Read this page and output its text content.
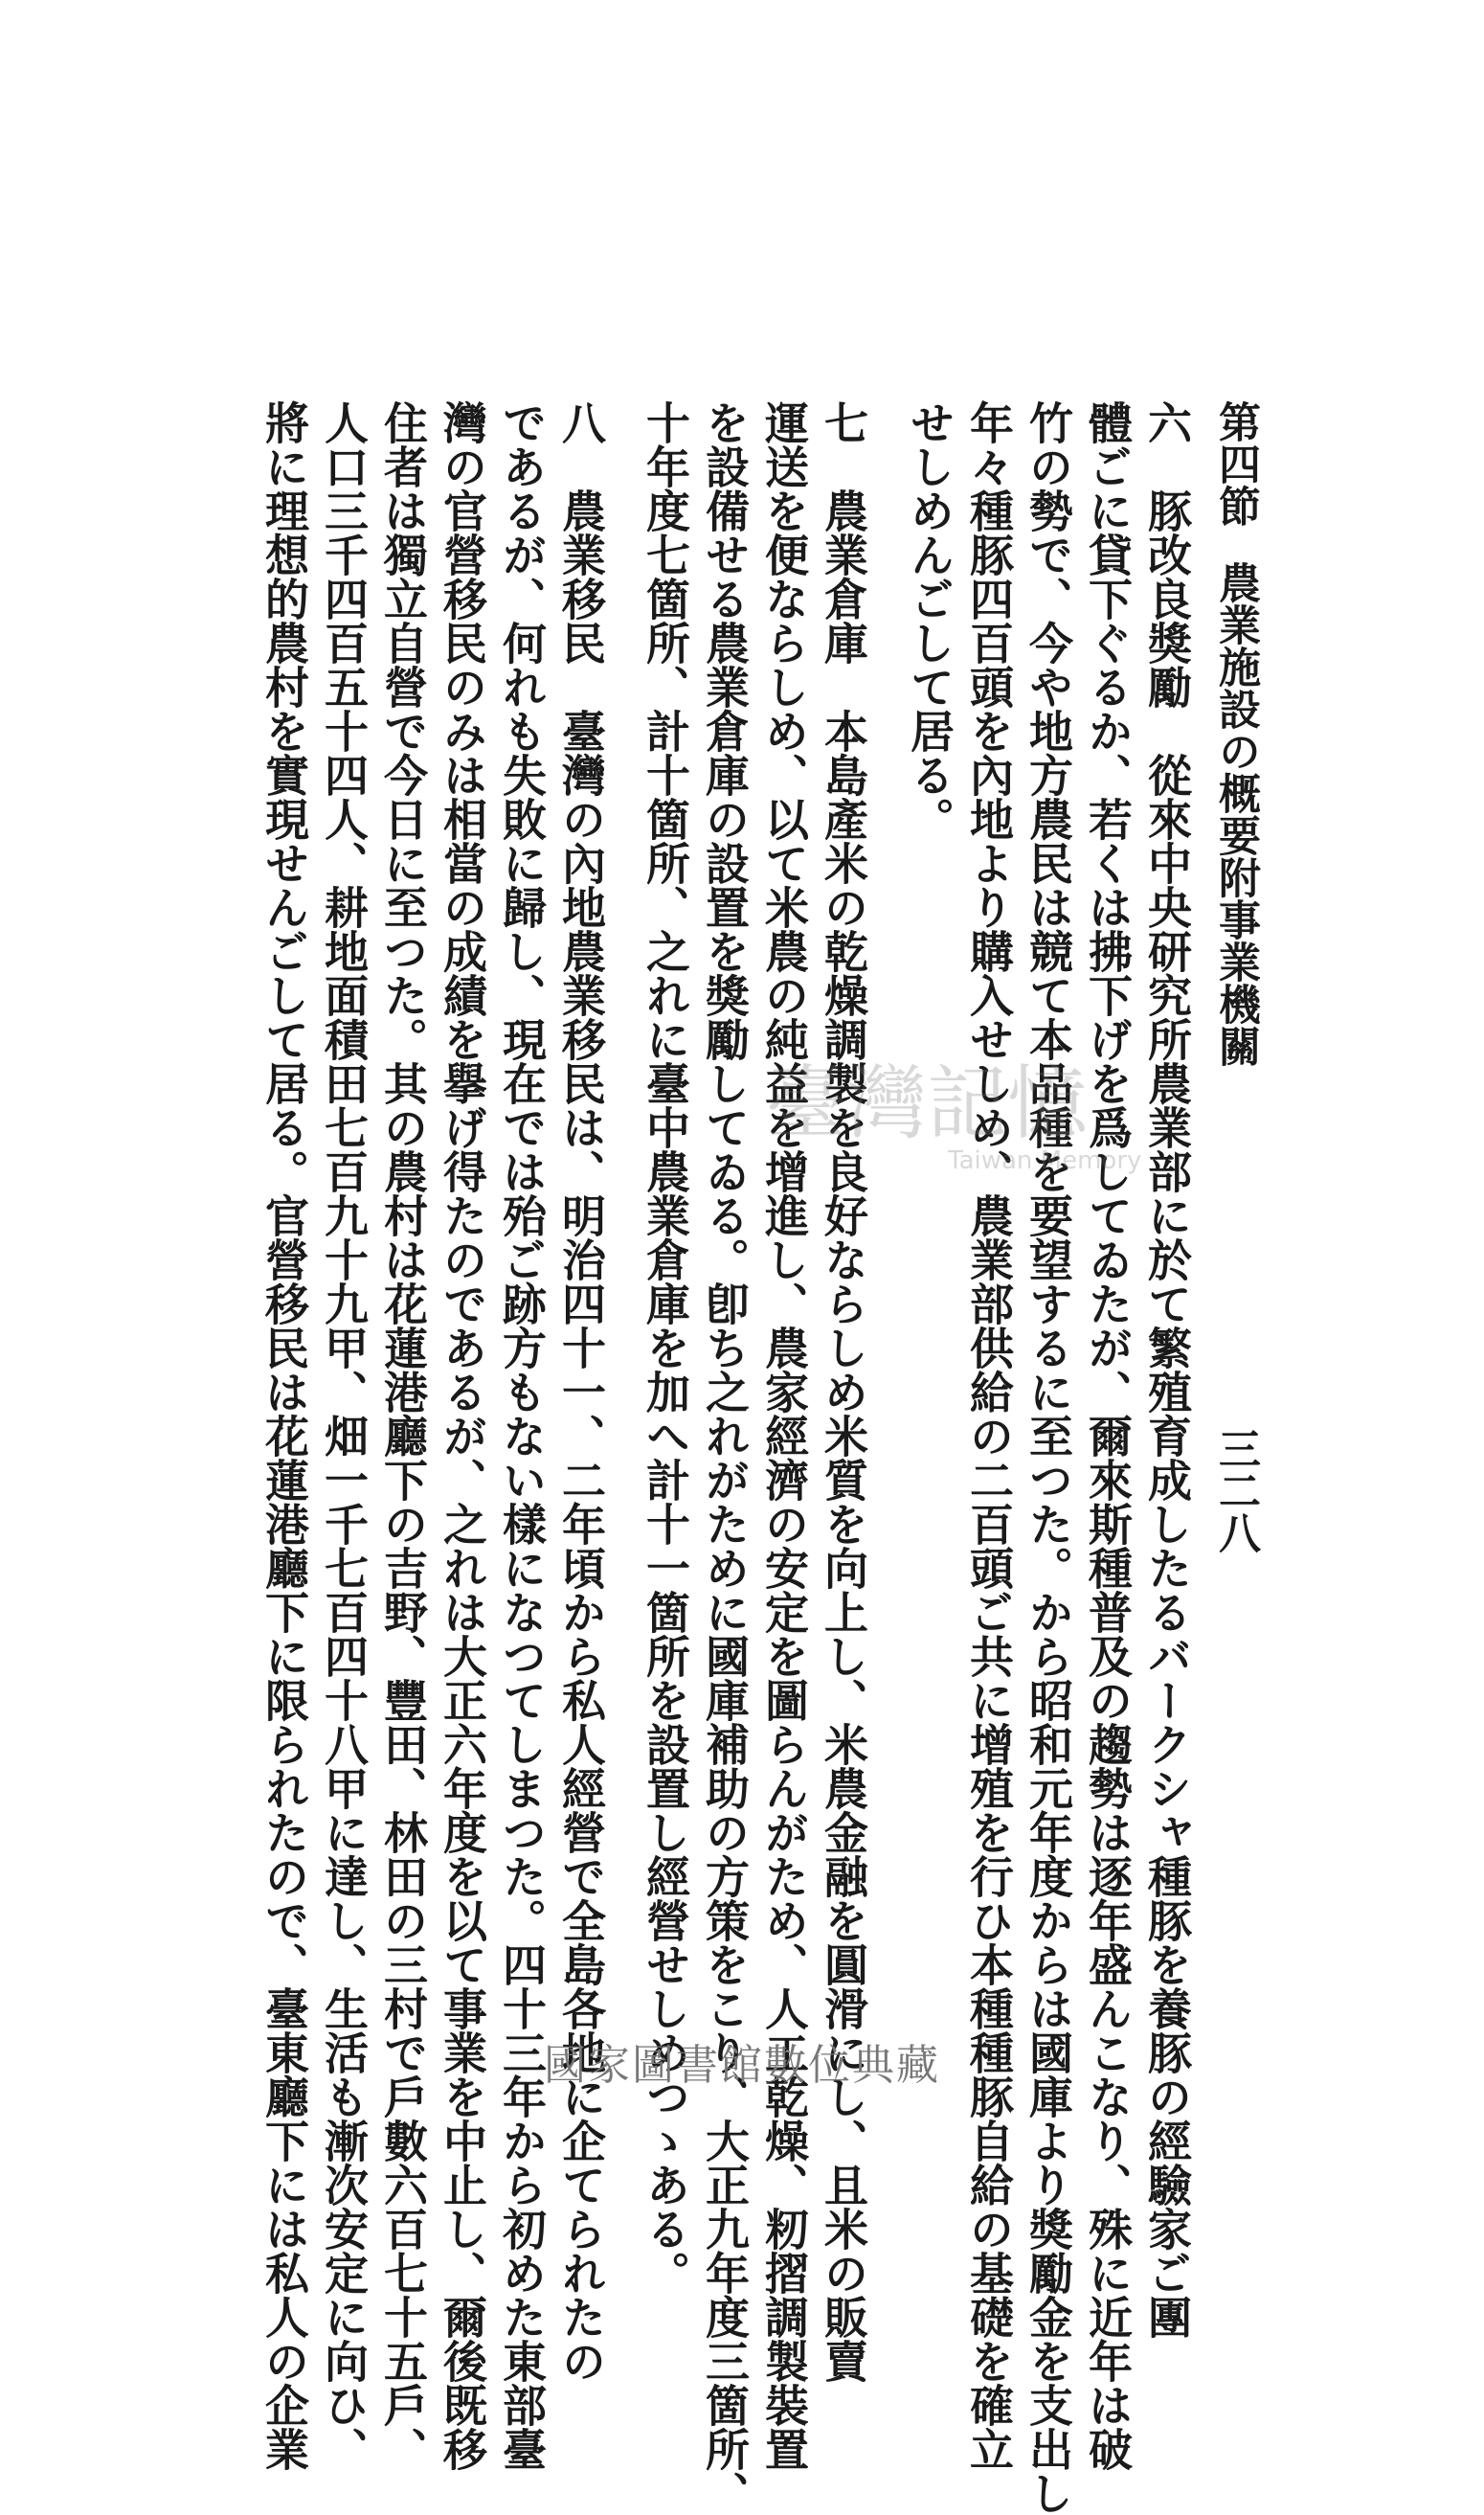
第四節農業施設の概要附事業機關
三二八
六　豚改良獎勵　從來中央研究所農業部に於て繁殖育成したるバークシャ種豚を養豚の經驗家ご團
體ごに貸下ぐるか、若くは拂下げを爲してゐたが、爾來斯種普及の趨勢は逐年盛んこなり、殊に近年は破
竹の勢で、今や地方農民は競て本品種を要望するに至つた。から昭和元年度からは國庫より獎勵金を支出し
年々種豚四百頭を內地より購入せしめ、農業部供給の二百頭ご共に增殖を行ひ本種種豚自給の基礎を確立
せしめんごして居る。
七　農業倉庫　本島產米の乾燥調製を良好ならしめ米質を向上し、米農金融を圓滑にし、且米の販賣
運送を便ならしめ、以て米農の純益を增進し、農家經濟の安定を圖らんがため、人工乾燥、籾摺調製裝置
を設備せる農業倉庫の設置を獎勵してゐる。卽ち之れがために國庫補助の方策をこり、大正九年度三箇所、
十年度七箇所、計十箇所、之れに臺中農業倉庫を加へ計十一箇所を設置し經營せしめつゝある。
八　農業移民　臺灣の內地農業移民は、明治四十一、二年頃から私人經營で全島各地に企てられたの
であるが、何れも失敗に歸し、現在では殆ご跡方もない樣になつてしまつた。四十三年から初めた東部臺
灣の官營移民のみは相當の成績を擧げ得たのであるが、之れは大正六年度を以て事業を中止し、爾後既移
住者は獨立自營で今日に至つた。其の農村は花蓮港廳下の吉野、豐田、林田の三村で戶數六百七十五戶、
人口三千四百五十四人、耕地面積田七百九十九甲、畑一千七百四十八甲に達し、生活も漸次安定に向ひ、
將に理想的農村を實現せんごして居る。官營移民は花蓮港廳下に限られたので、臺東廳下には私人の企業	臺灣記憶
Taiwan Memory
國家圖書館數位典藏
